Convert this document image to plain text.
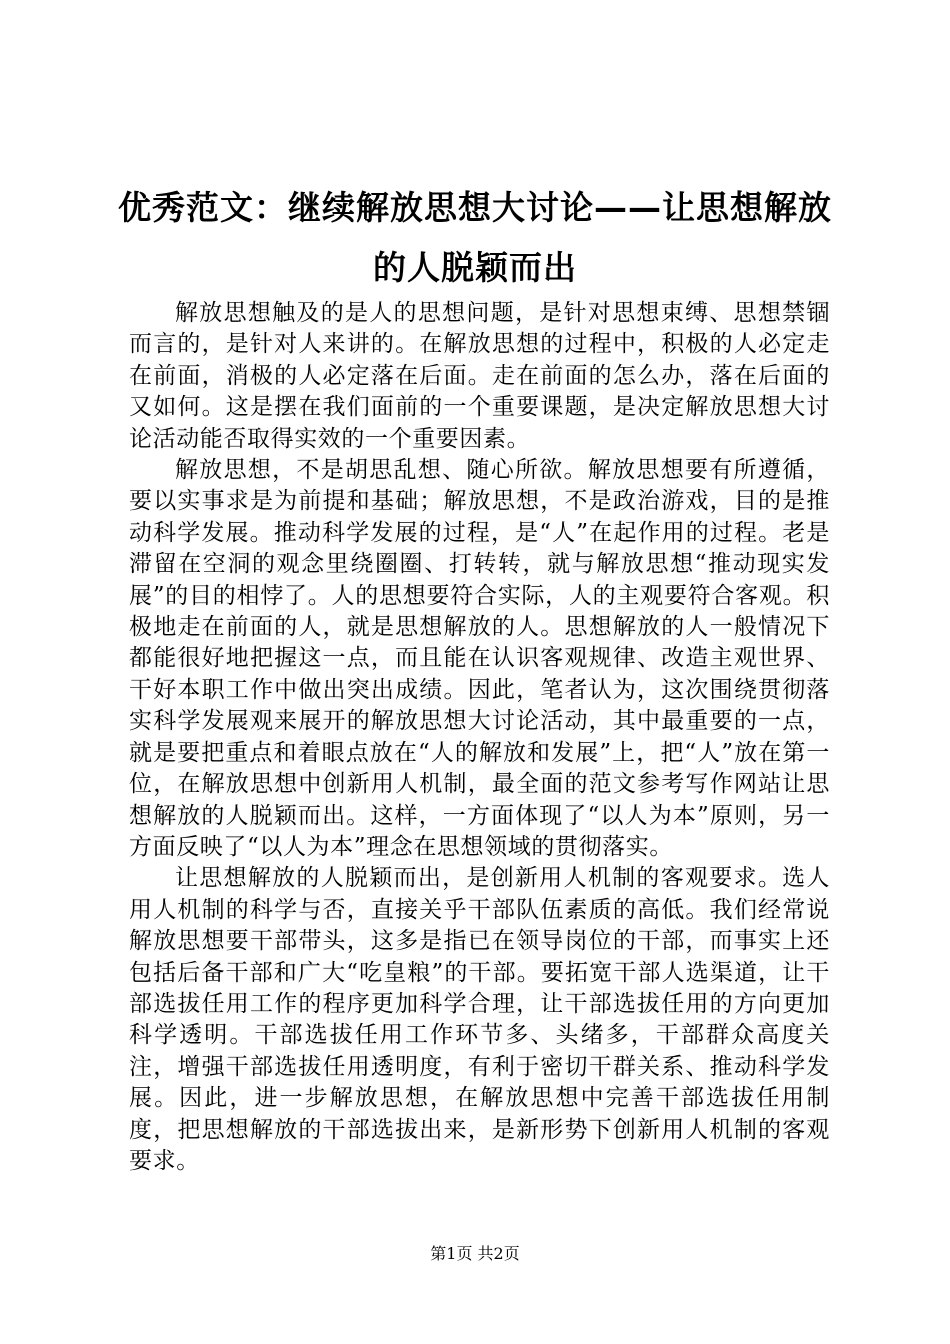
优秀范文：继续解放思想大讨论——让思想解放的人脱颖而出

解放思想触及的是人的思想问题，是针对思想束缚、思想禁锢而言的，是针对人来讲的。在解放思想的过程中，积极的人必定走在前面，消极的人必定落在后面。走在前面的怎么办，落在后面的又如何。这是摆在我们面前的一个重要课题，是决定解放思想大讨论活动能否取得实效的一个重要因素。

解放思想，不是胡思乱想、随心所欲。解放思想要有所遵循，要以实事求是为前提和基础；解放思想，不是政治游戏，目的是推动科学发展。推动科学发展的过程，是“人”在起作用的过程。老是滞留在空洞的观念里绕圈圈、打转转，就与解放思想“推动现实发展”的目的相悖了。人的思想要符合实际，人的主观要符合客观。积极地走在前面的人，就是思想解放的人。思想解放的人一般情况下都能很好地把握这一点，而且能在认识客观规律、改造主观世界、干好本职工作中做出突出成绩。因此，笔者认为，这次围绕贯彻落实科学发展观来展开的解放思想大讨论活动，其中最重要的一点，就是要把重点和着眼点放在“人的解放和发展”上，把“人”放在第一位，在解放思想中创新用人机制，最全面的范文参考写作网站让思想解放的人脱颖而出。这样，一方面体现了“以人为本”原则，另一方面反映了“以人为本”理念在思想领域的贯彻落实。

让思想解放的人脱颖而出，是创新用人机制的客观要求。选人用人机制的科学与否，直接关乎干部队伍素质的高低。我们经常说解放思想要干部带头，这多是指已在领导岗位的干部，而事实上还包括后备干部和广大“吃皇粮”的干部。要拓宽干部人选渠道，让干部选拔任用工作的程序更加科学合理，让干部选拔任用的方向更加科学透明。干部选拔任用工作环节多、头绪多，干部群众高度关注，增强干部选拔任用透明度，有利于密切干群关系、推动科学发展。因此，进一步解放思想，在解放思想中完善干部选拔任用制度，把思想解放的干部选拔出来，是新形势下创新用人机制的客观要求。

第1页 共2页
